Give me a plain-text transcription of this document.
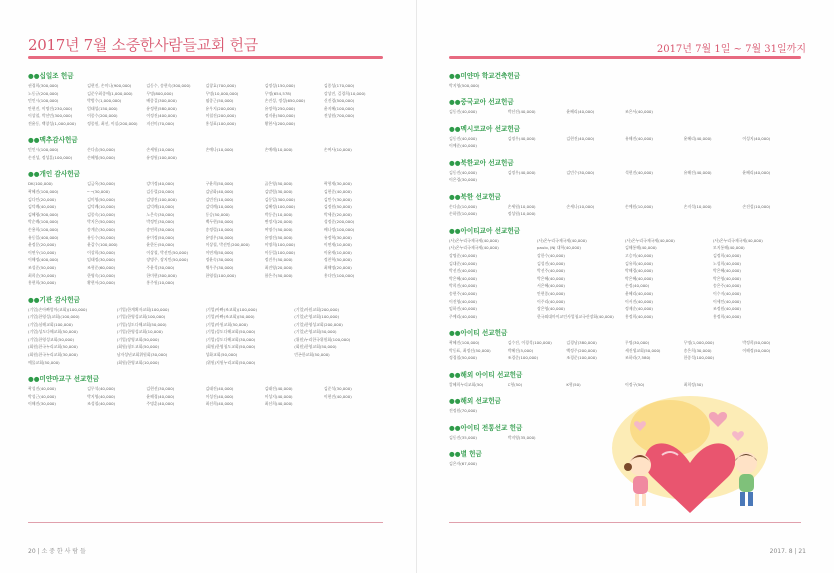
2017년 7월 소중한사람들교회 헌금
●●십일조 헌금
권경희(300,000)	김현진, 손미나(900,000)	김동수, 송현숙(300,000)	김창효(700,000)	김정성(150,000)	김종성(170,000)
노동규(200,000)	김준우최종애(1,000,000)	무명(800,000)	무명(10,000,000)	무명(654,578)	강상진, 길경희(10,000)
민인시(100,000)	박범수(1,000,000)	배종걸(300,000)	염종근(50,000)	손진성, 정성(650,000)	신진경(500,000)
안현진, 이명진(230,000)	엄태섭(150,000)	유정현(580,000)	유우지(200,000)	유정혁(250,000)	윤지혜(100,000)
이상철, 박선민(300,000)	이종수(200,000)	이정진(400,000)	이철진(200,000)	정지윤(500,000)	전상원(700,000)
전윤동, 백창성(1,000,000)	정종원, 최선, 이실(200,000)	지선미(70,000)	홍성표(100,000)	황현서(200,000)
●●맥추감사헌금
민인시(100,000)	손다솜(50,000)	손세원(10,000)	손예나(10,000)	손예레(10,000)	손여사(10,000)
손진성, 정성훈(100,000)	손혜영(50,000)	유정원(100,000)
●●개인 감사헌금
DK(100,000)	김금옥(30,000)	강미정(40,000)	구윤희(50,000)	곱은영(50,000)	곽형재(30,000)
곽혜진(100,000)	─ ─(30,000)	김동렬(20,000)	김남화(40,000)	김말렴(30,000)	김현준(40,000)
김다인(20,000)	김미영(50,000)	김명진(100,000)	김민진(10,000)	김동일(300,000)	김민수(30,000)
김덕례(40,000)	김덕례(10,000)	김덕례(10,000)	김덕례(10,000)	김혜정(100,000)	김정원(50,000)
김혜령(300,000)	김종숙(10,000)	노은숙(30,000)	동승(50,000)	박동준(10,000)	박세준(20,000)
박순례(100,000)	박지은(50,000)	박정민(30,000)	백두현(50,000)	변정지(20,000)	성정준(200,000)
손용희(100,000)	송계순(30,000)	송연희(30,000)	송정렬(10,000)	여명수(50,000)	배나정(100,000)
유동일(400,000)	유동수(30,000)	유미정(50,000)	유명우(30,000)	유명진(50,000)	유정혁(30,000)
윤정문(20,000)	윤갑수(100,000)	윤한돈(50,000)	이상철, 박선민(200,000)	이명희(100,000)	이연재(10,000)
이연우(10,000)	이상희(30,000)	이상철, 박선민(50,000)	이연재(50,000)	이동렬(100,000)	이윤재(10,000)
이해정(400,000)	임태정(30,000)	장명주, 장지민(50,000)	정윤숙(30,000)	정진우(50,000)	정찬혁(50,000)
조성준(50,000)	조형준(60,000)	주윤석(30,000)	채우주(30,000)	최진영(20,000)	최해명(20,000)
최희순(30,000)	한영숙(10,000)	한미현(300,000)	한영철(100,000)	함은주(50,000)	홍다인(100,000)
홍현희(30,000)	황현서(20,000)	홍주원(10,000)
●●기관 감사헌금
(기업)손아빠엄마(교회)(100,000)	(기업)한계획자교회(100,000)	(기업)아빠(조교회)(100,000)	(기업)마원교회(200,000)
(기업)한영성(교회)(100,000)	(기업)한영성교회(100,000)	(기업)아빠(조교회)(50,000)	(기업)손영교회(100,000)
(기업)심해교회(100,000)	(기업)성도다해교회(50,000)	(기업)마원교회(50,000)	(기업)한영성교회(200,000)
(기업)성도다해교회(50,000)	(기업)한영성교회(10,000)	(기업)성도다해교회(50,000)	(기업)손영교회(50,000)
(기업)한영성교회(50,000)	(기업)장영교회(50,000)	(기업)성도다해교회(30,000)	(위원)누리한국위원회(100,000)
(회원)한국누리교회(50,000)	(회원)청도교회(50,000)	(회원)한영청도교회(50,000)	(회원)한영교회(50,000)
(회원)한국누리교회(30,000)	남자성년교회위원회(30,000)	성화교회(50,000)	빈곤한교회(50,000)
예물교회(50,000)	(회원)한영교회(10,000)	(위원)지원누리교회(50,000)
●●미얀마교구 선교헌금
곽성진(40,000)	김무석(40,000)	김현선(30,000)	김태진(40,000)	김태진(40,000)	김준석(30,000)
박성근(40,000)	박지영(40,000)	윤해경(40,000)	이성진(40,000)	이성지(40,000)	이현진(40,000)
이해진(30,000)	조성철(40,000)	주명훈(40,000)	최선희(40,000)	최선희(40,000)
20 | 소 중 한 사 람 들
2017년 7월 1일 ~ 7월 31일까지
●●미얀마 학교건축헌금
박지영(500,000)
●●중국교아 선교헌금
김동진(40,000)	박선진(40,000)	윤혜리(40,000)	조은서(40,000)
●●멕시코교아 선교헌금
김동진(40,000)	김정우(40,000)	김현진(40,000)	유해진(40,000)	윤혜리(40,000)	이성지(40,000)
이예준(40,000)
●●북한교아 선교헌금
김동진(40,000)	김정우(40,000)	김민수(30,000)	석현진(40,000)	유해진(40,000)	윤혜리(40,000)
이은경(30,000)
●●북한 선교헌금
손다솜(10,000)	손세원(10,000)	손세나(10,000)	손예원(10,000)	손지석(10,000)	손진섭(10,000)
손하람(10,000)	정성원(10,000)
●●아이티교아 선교헌금
(사)온누리국제국제(40,000)	(사)온누리국제국제(40,000)	(사)온누리국제국제(40,000)	(사)온누리국제국제(40,000)
(사)온누리국제국제(40,000)	paulo, JNJ 대학(40,000)	김해통해(40,000)	모지통해(40,000)
강명준(40,000)	강한수(40,000)	고승미(40,000)	김정희(40,000)
김대준(40,000)	김성진(40,000)	김유희(40,000)	노성희(40,000)
박선진(40,000)	박선주(40,000)	박해경(40,000)	박은혜(40,000)
박은혜(40,000)	박은혜(40,000)	박은혜(40,000)	박은영(40,000)
박희진(40,000)	서은혜(40,000)	손정(40,000)	송은주(40,000)
송현주(40,000)	안현종(40,000)	윤혜리(40,000)	이수지(40,000)
이진영(40,000)	이주리(40,000)	이서진(40,000)	이세인(40,000)
임하진(40,000)	장은영(40,000)	정제순(40,000)	조정원(40,000)
주예리(40,000)	한국외대마이교인사업청교국산장화(40,000)	홍정희(40,000)	홍정희(40,000)
●●아이티 선교헌금
곽혜진(100,000)	김수진, 이경석(100,000)	김경남(380,000)	무명(30,000)	무명(1,000,000)	박정희(50,000)
박동표, 최정선(50,000)	박혜진(5,000)	백정주(200,000)	세진생교회(50,000)	송은희(30,000)	이해정(50,000)
정경철(50,000)	조경준(100,000)	조경준(100,000)	조하라(7,580)	한종석(100,000)
●●해외 아이티 선교헌금
캄혜희누리교회(50)	C형(50)	K형(50)	이정구(50)	최희정(50)
●●해외 선교헌금
전정원(70,000)
●●아이티 전통선교 헌금
김동진(35,000)	박지영(35,000)
●●별 헌금
김은자(67,000)
2017. 8 | 21
